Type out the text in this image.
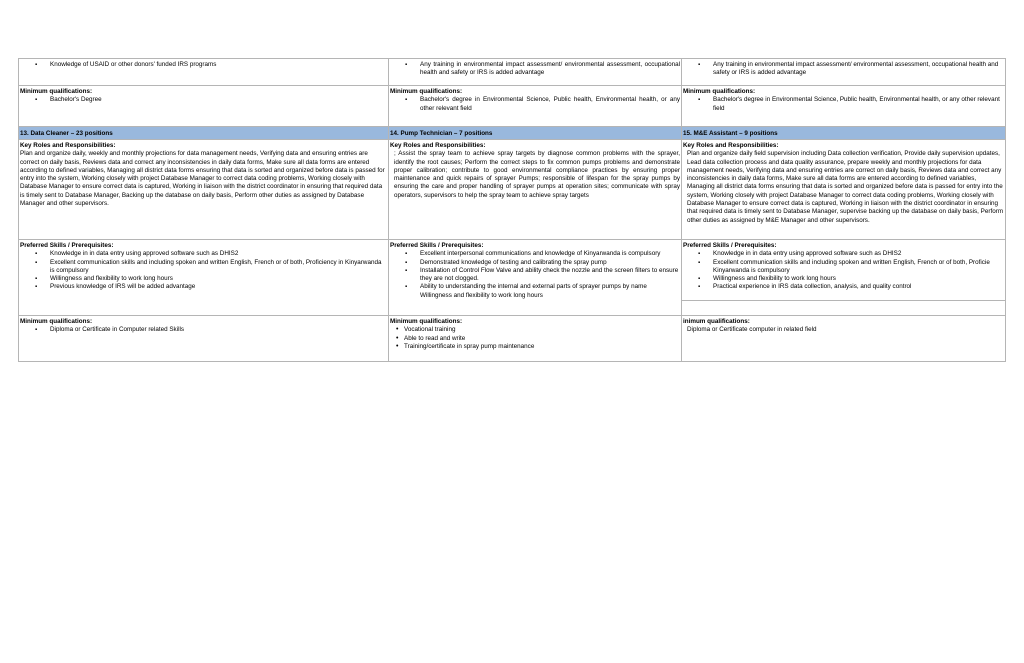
▪ Knowledge of USAID or other donors' funded IRS programs
▪	Any training in environmental impact assessment/ environmental assessment, occupational health and safety or IRS is added advantage
▪ Any training in environmental impact assessment/ environmental assessment, occupational health and safety or IRS is added advantage
Minimum qualifications:
▪ Bachelor's Degree
Minimum qualifications:
▪ Bachelor's degree in Environmental Science, Public health, Environmental health, or any other relevant field
Minimum qualifications:
▪ Bachelor's degree in Environmental Science, Public health, Environmental health, or any other relevant field
13. Data Cleaner – 23 positions	14. Pump Technician – 7 positions	15. M&E Assistant – 9 positions
Key Roles and Responsibilities:
Plan and organize daily, weekly and monthly projections for data management needs, Verifying data and ensuring entries are correct on daily basis, Reviews data and correct any inconsistencies in daily data forms, Make sure all data forms are entered according to defined variables, Managing all district data forms ensuring that data is sorted and organized before data is passed for entry into the system, Working closely with project Database Manager to correct data coding problems, Working closely with Database Manager to ensure correct data is captured, Working in liaison with the district coordinator in ensuring that required data is timely sent to Database Manager, Backing up the database on daily basis, Perform other duties as assigned by Database Manager and other supervisors.
Key Roles and Responsibilities:
; Assist the spray team to achieve spray targets by diagnose common problems with the sprayer, identify the root causes; Perform the correct steps to fix common pumps problems and demonstrate proper calibration; contribute to good environmental compliance practices by ensuring proper maintenance and quick repairs of sprayer Pumps; responsible of lifespan for the spray pumps by ensuring the care and proper handling of sprayer pumps at operation sites; communicate with spray operators, supervisors to help the spray team to achieve spray targets
Key Roles and Responsibilities:
Plan and organize daily field supervision including Data collection verification, Provide daily supervision updates, Lead data collection process and data quality assurance, prepare weekly and monthly projections for data management needs, Verifying data and ensuring entries are correct on daily basis, Reviews data and correct any inconsistencies in daily data forms, Make sure all data forms are entered according to defined variables, Managing all district data forms ensuring that data is sorted and organized before data is passed for entry into the system, Working closely with project Database Manager to correct data coding problems, Working closely with Database Manager to ensure correct data is captured, Working in liaison with the district coordinator in ensuring that required data is timely sent to Database Manager, supervise backing up the database on daily basis, Perform other duties as assigned by M&E Manager and other supervisors.
Preferred Skills / Prerequisites:
▪ Knowledge in in data entry using approved software such as DHIS2
▪ Excellent communication skills and including spoken and written English, French or of both, Proficiency in Kinyarwanda is compulsory
▪ Willingness and flexibility to work long hours
▪ Previous knowledge of IRS will be added advantage
Preferred Skills / Prerequisites:
▪ Excellent interpersonal communications and knowledge of Kinyarwanda is compulsory
▪ Demonstrated knowledge of testing and calibrating the spray pump
▪ Installation of Control Flow Valve and ability check the nozzle and the screen filters to ensure they are not clogged.
▪ Ability to understanding the internal and external parts of sprayer pumps by name Willingness and flexibility to work long hours
Preferred Skills / Prerequisites:
▪ Knowledge in in data entry using approved software such as DHIS2
▪ Excellent communication skills and including spoken and written English, French or of both, Proficie Kinyarwanda is compulsory
▪ Willingness and flexibility to work long hours
▪ Practical experience in IRS data collection, analysis, and quality control
Minimum qualifications:
▪ Diploma or Certificate in Computer related Skills
Minimum qualifications:
• Vocational training
• Able to read and write
• Training/certificate in spray pump maintenance
inimum qualifications:
Diploma or Certificate computer in related field
